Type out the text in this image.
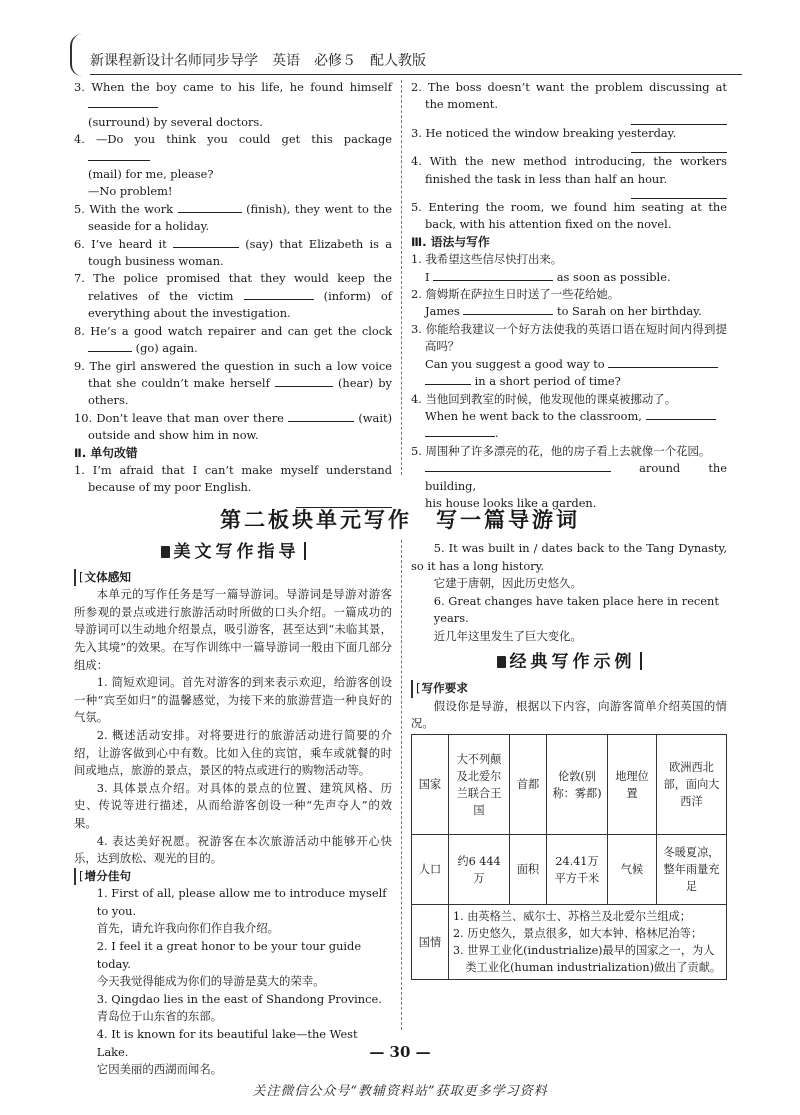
新课程新设计名师同步导学　英语　必修５　配人教版

3. When the boy came to his life, he found himself
(surround) by several doctors.

4. —Do you think you could get this package
(mail) for me, please?
—No problem!

5. With the work	(finish), they went to the seaside for a holiday.

6. I’ve heard it	(say) that Elizabeth is a tough business woman.

7. The police promised that they would keep the relatives of the victim	(inform) of everything about the investigation.

8. He’s a good watch repairer and can get the clock  (go) again.

9. The girl answered the question in such a low voice that she couldn’t make herself	(hear) by others.

10. Don’t leave that man over there	(wait) outside and show him in now.

Ⅱ. 单句改错

1. I’m afraid that I can’t make myself understand because of my poor English.

2. The boss doesn’t want the problem discussing at the moment.

3. He noticed the window breaking yesterday.

4. With the new method introducing, the workers finished the task in less than half an hour.

5. Entering the room, we found him seating at the back, with his attention fixed on the novel.

Ⅲ. 语法与写作

1. 我希望这些信尽快打出来。
I	as soon as possible.

2. 詹姆斯在萨拉生日时送了一些花给她。
James	to Sarah on her birthday.

3. 你能给我建议一个好方法使我的英语口语在短时间内得到提高吗？
Can you suggest a good way to
in a short period of time?

4. 当他回到教室的时候，他发现他的课桌被挪动了。
When he went back to the classroom,
.

5. 周围种了许多漂亮的花，他的房子看上去就像一个花园。
around the building,
his house looks like a garden.

第二板块单元写作　写一篇导游词
美文写作指导
[ 文体感知

本单元的写作任务是写一篇导游词。导游词是导游对游客所参观的景点或进行旅游活动时所做的口头介绍。一篇成功的导游词可以生动地介绍景点，吸引游客，甚至达到“未临其景，先入其境”的效果。在写作训练中一篇导游词一般由下面几部分组成：

1. 简短欢迎词。首先对游客的到来表示欢迎，给游客创设一种“宾至如归”的温馨感觉，为接下来的旅游营造一种良好的气氛。

2. 概述活动安排。对将要进行的旅游活动进行简要的介绍，让游客做到心中有数。比如入住的宾馆，乘车或就餐的时间或地点，旅游的景点，景区的特点或进行的购物活动等。

3. 具体景点介绍。对具体的景点的位置、建筑风格、历史、传说等进行描述，从而给游客创设一种“先声夺人”的效果。

4. 表达美好祝愿。祝游客在本次旅游活动中能够开心快乐，达到放松、观光的目的。

[ 增分佳句

1. First of all, please allow me to introduce myself to you.

首先，请允许我向你们作自我介绍。

2. I feel it a great honor to be your tour guide today.

今天我觉得能成为你们的导游是莫大的荣幸。

3. Qingdao lies in the east of Shandong Province.

青岛位于山东省的东部。

4. It is known for its beautiful lake—the West Lake.

它因美丽的西湖而闻名。

5. It was built in / dates back to the Tang Dynasty, so it has a long history.

它建于唐朝，因此历史悠久。

6. Great changes have taken place here in recent years.

近几年这里发生了巨大变化。

经典写作示例
[ 写作要求

假设你是导游，根据以下内容，向游客简单介绍英国的情况。

国家	大不列颠及北爱尔兰联合王国	首都	伦敦(别称：雾都)	地理位置	欧洲西北部，面向大西洋
人口	约6 444万	面积	24.41万平方千米	气候	冬暖夏凉，整年雨量充足
国情	1. 由英格兰、威尔士、苏格兰及北爱尔兰组成；
2. 历史悠久，景点很多，如大本钟、格林尼治等；
3. 世界工业化(industrialize)最早的国家之一，为人类工业化(human industrialization)做出了贡献。				
— 30 —
关注微信公众号“教辅资料站”获取更多学习资料
